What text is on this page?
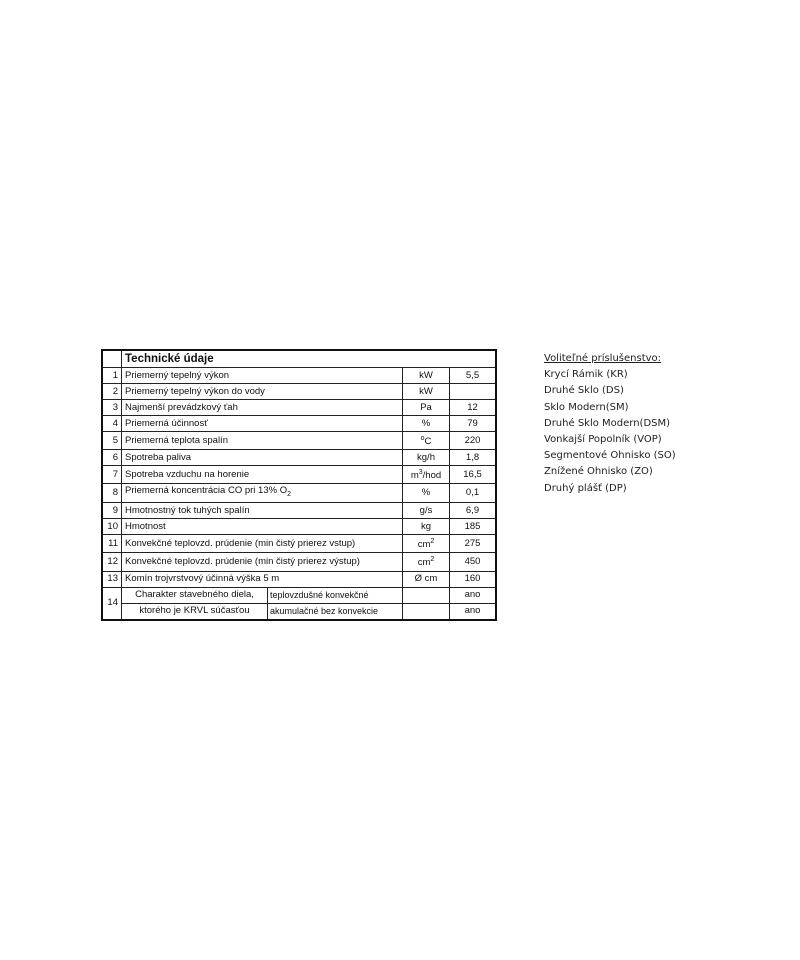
	Technické údaje			
1	Priemerný tepelný výkon		kW	5,5
2	Priemerný tepelný výkon do vody		kW	
3	Najmenší prevádzkový ťah		Pa	12
4	Priemerná účinnosť		%	79
5	Priemerná teplota spalín		$^o$C	220
6	Spotreba paliva		kg/h	1,8
7	Spotreba vzduchu na horenie		$m^3$/hod	16,5
8	Priemerná koncentrácia CO pri 13% $O_2$		%	0,1
9	Hmotnostný tok tuhých spalín		g/s	6,9
10	Hmotnost		kg	185
11	Konvekčné teplovzd. prúdenie (min čistý prierez vstup)		$cm^2$	275
12	Konvekčné teplovzd. prúdenie (min čistý prierez výstup)		$cm^2$	450
13	Komín trojvrstvový účinná výška 5 m		Ø cm	160
14	Charakter stavebného diela,	teplovzdušné konvekčné		ano
	ktorého je KRVL súčasťou	akumulačné bez konvekcie		ano
Voliteľné príslušenstvo:
Krycí Rámik (KR)
Druhé Sklo (DS)
Sklo Modern(SM)
Druhé Sklo Modern(DSM)
Vonkajší Popolník (VOP)
Segmentové Ohnisko (SO)
Znížené Ohnisko (ZO)
Druhý plášť (DP)
